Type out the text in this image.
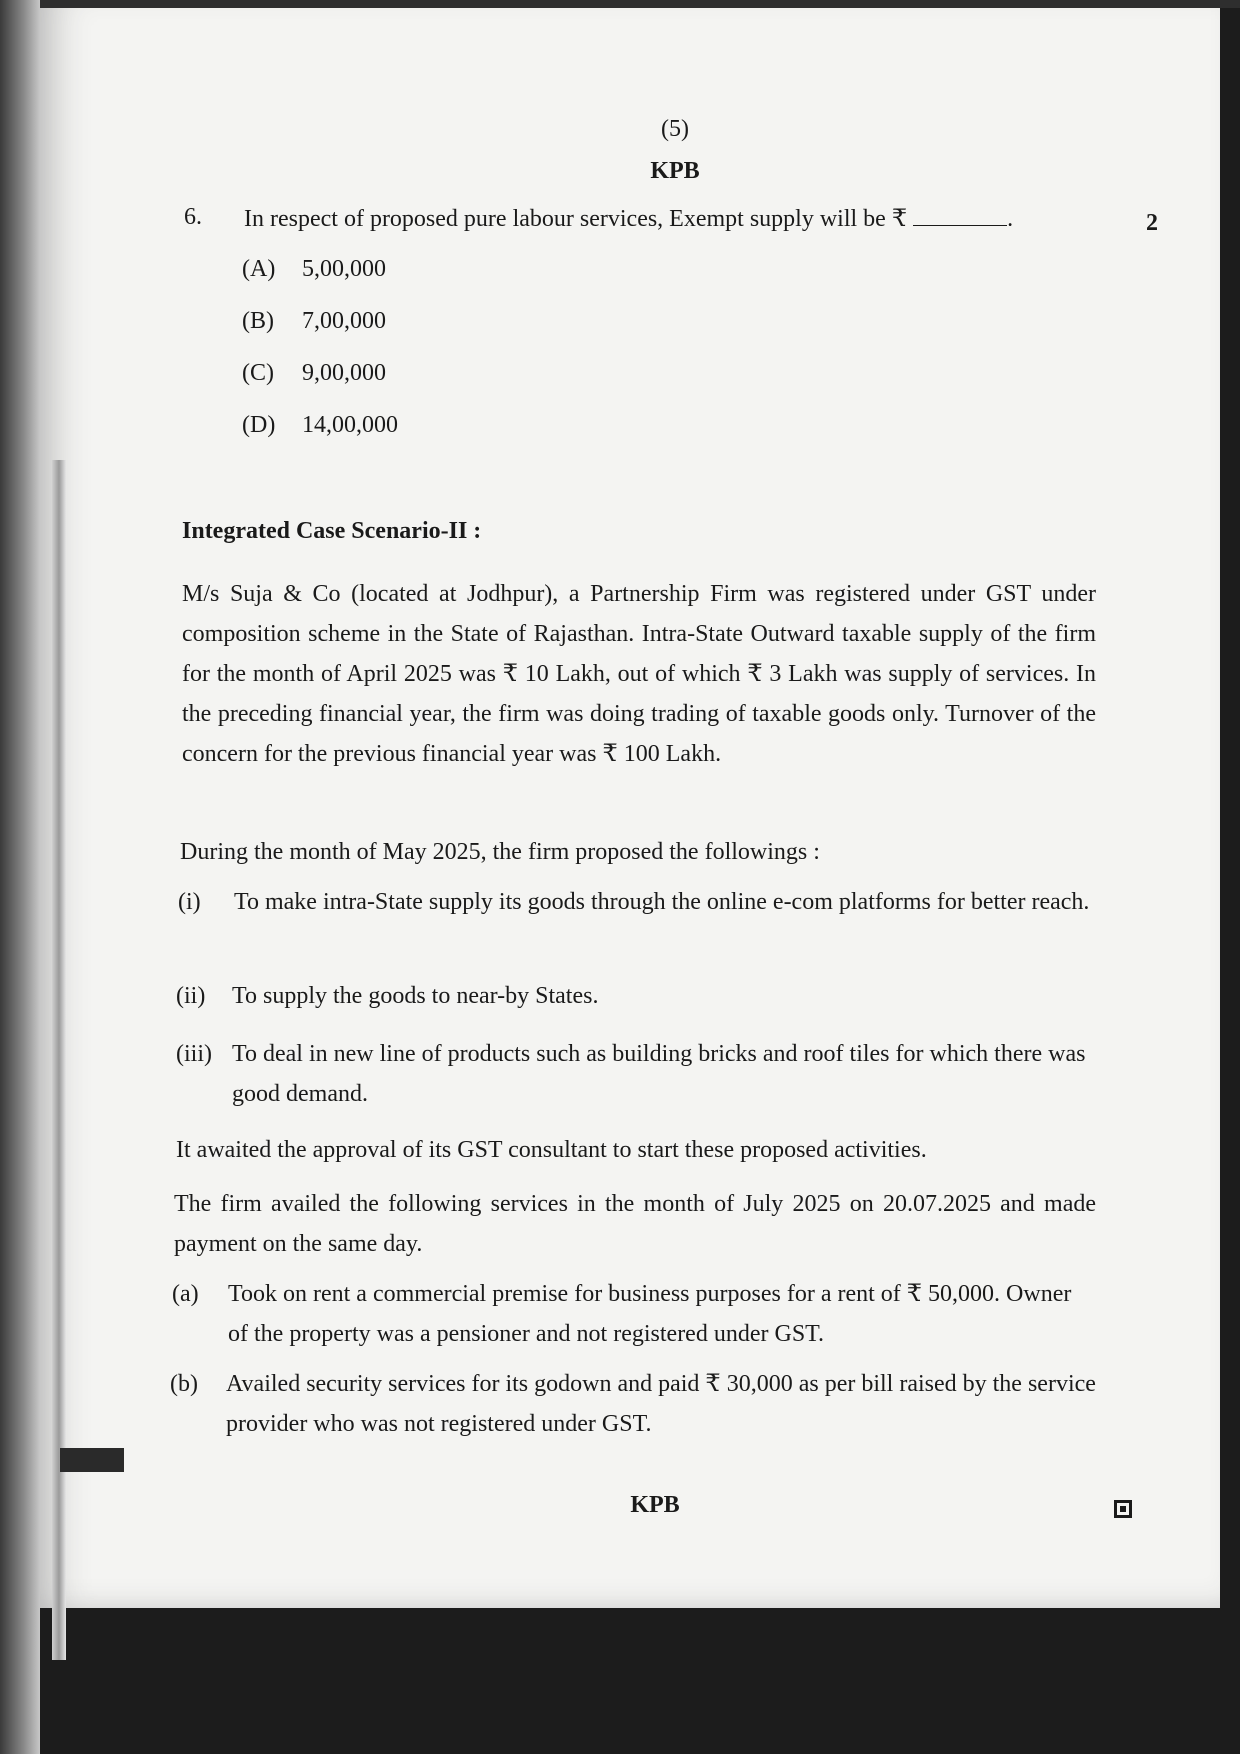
(5)
KPB
6. In respect of proposed pure labour services, Exempt supply will be ₹	.	2
(A) 5,00,000
(B) 7,00,000
(C) 9,00,000
(D) 14,00,000
Integrated Case Scenario-II :
M/s Suja & Co (located at Jodhpur), a Partnership Firm was registered under GST under composition scheme in the State of Rajasthan. Intra-State Outward taxable supply of the firm for the month of April 2025 was ₹ 10 Lakh, out of which ₹ 3 Lakh was supply of services. In the preceding financial year, the firm was doing trading of taxable goods only. Turnover of the concern for the previous financial year was ₹ 100 Lakh.
During the month of May 2025, the firm proposed the followings :
(i) To make intra-State supply its goods through the online e-com platforms for better reach.
(ii) To supply the goods to near-by States.
(iii) To deal in new line of products such as building bricks and roof tiles for which there was good demand.
It awaited the approval of its GST consultant to start these proposed activities.
The firm availed the following services in the month of July 2025 on 20.07.2025 and made payment on the same day.
(a) Took on rent a commercial premise for business purposes for a rent of ₹ 50,000. Owner of the property was a pensioner and not registered under GST.
(b) Availed security services for its godown and paid ₹ 30,000 as per bill raised by the service provider who was not registered under GST.
KPB
